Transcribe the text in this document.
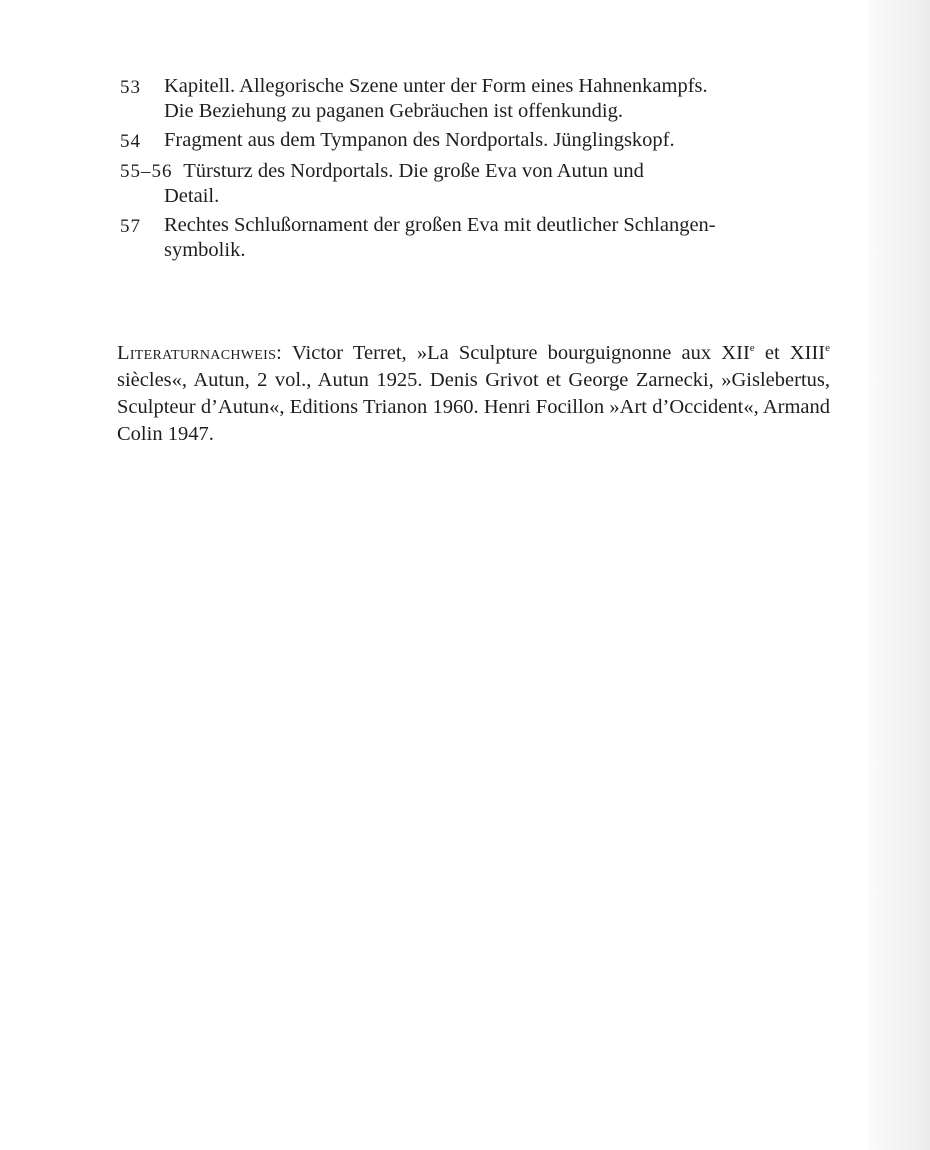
53	Kapitell. Allegorische Szene unter der Form eines Hahnenkampfs.
Die Beziehung zu paganen Gebräuchen ist offenkundig.
54	Fragment aus dem Tympanon des Nordportals. Jünglingskopf.
55–56 Türsturz des Nordportals. Die große Eva von Autun und
Detail.
57	Rechtes Schlußornament der großen Eva mit deutlicher Schlangen-
symbolik.
Literaturnachweis: Victor Terret, »La Sculpture bourguignonne aux XIIe et XIIIe siècles«, Autun, 2 vol., Autun 1925. Denis Grivot et George Zarnecki, »Gislebertus, Sculpteur d’Autun«, Editions Trianon 1960. Henri Focillon »Art d’Occident«, Armand Colin 1947.
